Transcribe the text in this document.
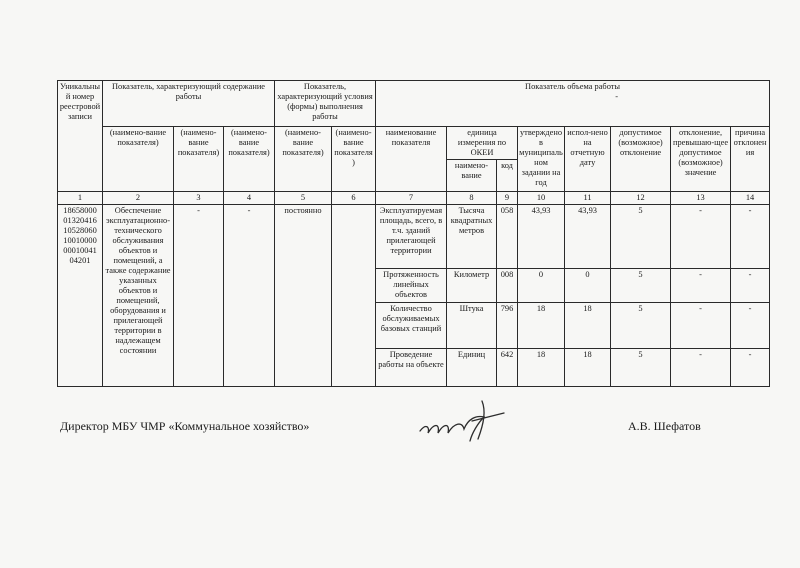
Уникальный номер реестровой записи	Показатель, характеризующий содержание работы			Показатель, характеризующий условия (формы) выполнения работы		Показатель объема работы
-							

	(наимено-вание показателя)	(наимено-вание показателя)	(наимено-вание показателя)	(наимено-вание показателя)	(наимено-вание показателя)	наименование показателя	единица измерения по ОКЕИ		утверждено в муниципальном задании на год	испол-нено на отчетную дату	допустимое (возможное) отклонение	отклонение, превышаю-щее допустимое (возможное) значение	причина отклонения
							наимено-вание	код					
1	2	3	4	5	6	7	8	9	10	11	12	13	14
18658000 01320416 10528060 10010000 00010041 04201	Обеспечение эксплуатационно-технического обслуживания объектов и помещений, а также содержание указанных объектов и помещений, оборудования и прилегающей территории в надлежащем состоянии	-	-	постоянно		Эксплуатируемая площадь, всего, в т.ч. зданий прилегающей территории	Тысяча квадратных метров	058	43,93	43,93	5	-	-
						Протяженность линейных объектов	Километр	008	0	0	5	-	-
						Количество обслуживаемых базовых станций	Штука	796	18	18	5	-	-
						Проведение работы на объекте	Единиц	642	18	18	5	-	-
Директор МБУ ЧМР «Коммунальное хозяйство»	А.В. Шефатов
